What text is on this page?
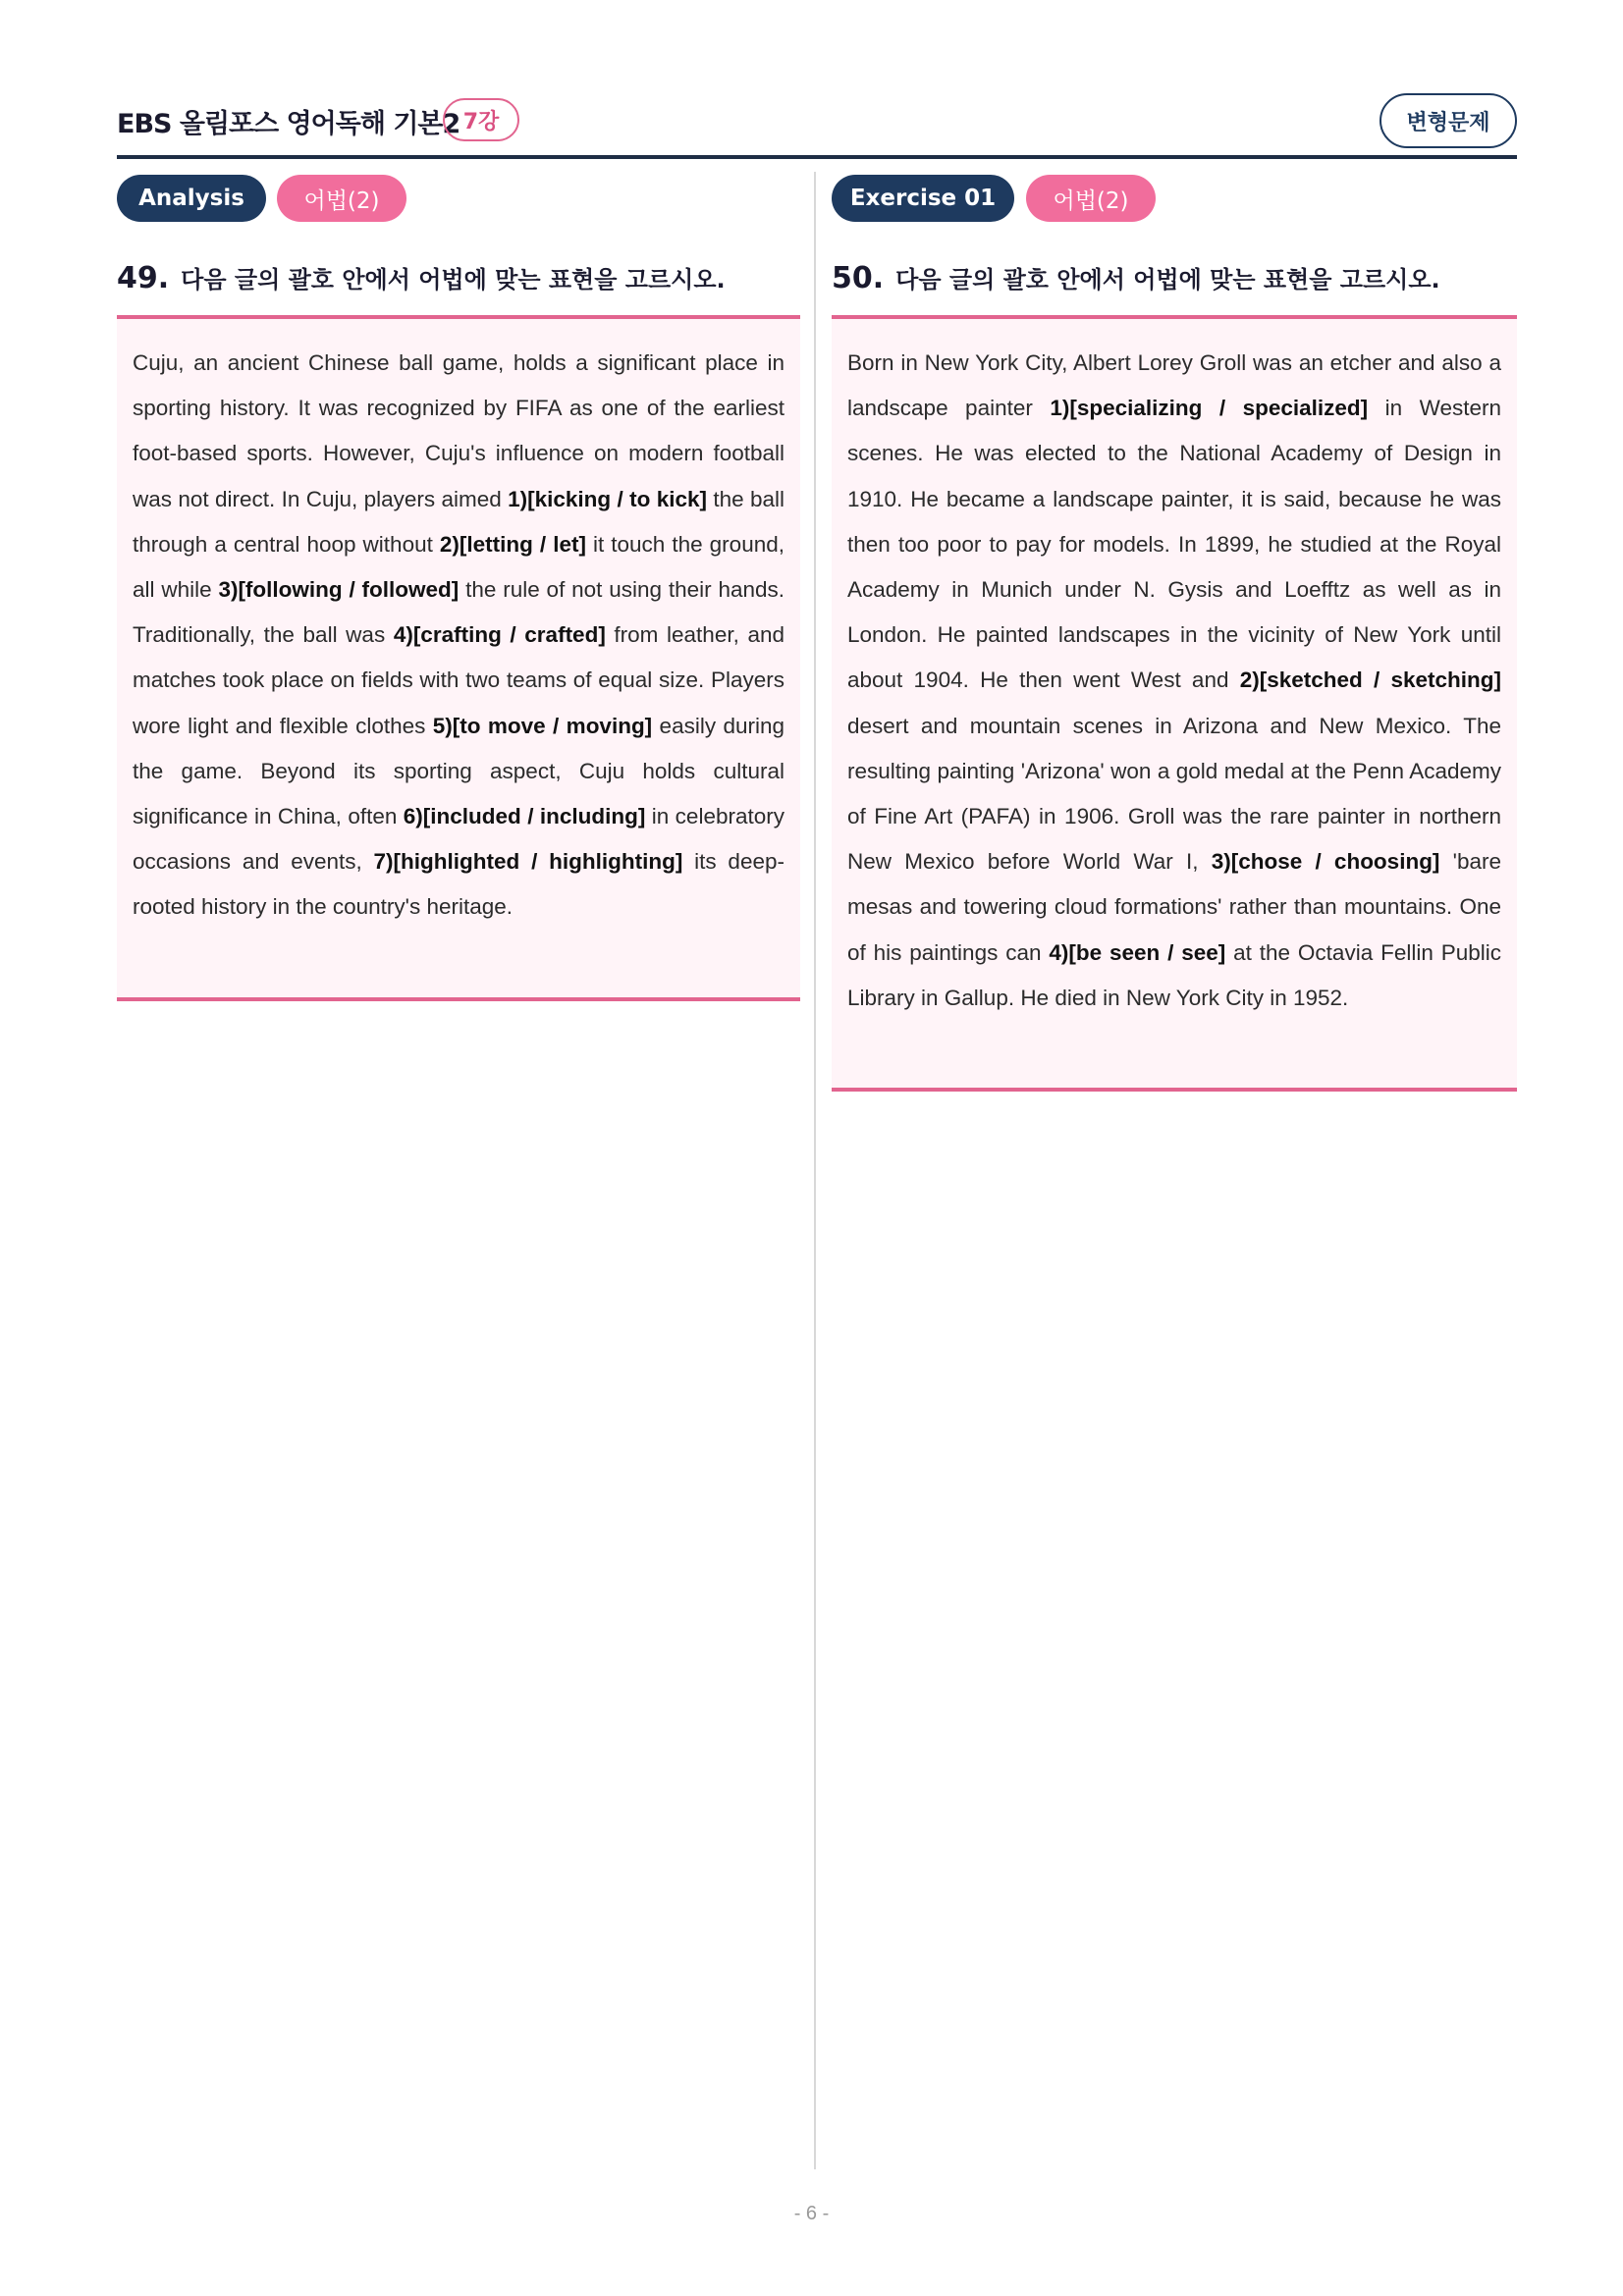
EBS 올림포스 영어독해 기본2 7강	변형문제
Analysis	어법(2)
49. 다음 글의 괄호 안에서 어법에 맞는 표현을 고르시오.
Cuju, an ancient Chinese ball game, holds a significant place in sporting history. It was recognized by FIFA as one of the earliest foot-based sports. However, Cuju's influence on modern football was not direct. In Cuju, players aimed 1)[kicking / to kick] the ball through a central hoop without 2)[letting / let] it touch the ground, all while 3)[following / followed] the rule of not using their hands. Traditionally, the ball was 4)[crafting / crafted] from leather, and matches took place on fields with two teams of equal size. Players wore light and flexible clothes 5)[to move / moving] easily during the game. Beyond its sporting aspect, Cuju holds cultural significance in China, often 6)[included / including] in celebratory occasions and events, 7)[highlighted / highlighting] its deep-rooted history in the country's heritage.
Exercise 01	어법(2)
50. 다음 글의 괄호 안에서 어법에 맞는 표현을 고르시오.
Born in New York City, Albert Lorey Groll was an etcher and also a landscape painter 1)[specializing / specialized] in Western scenes. He was elected to the National Academy of Design in 1910. He became a landscape painter, it is said, because he was then too poor to pay for models. In 1899, he studied at the Royal Academy in Munich under N. Gysis and Loefftz as well as in London. He painted landscapes in the vicinity of New York until about 1904. He then went West and 2)[sketched / sketching] desert and mountain scenes in Arizona and New Mexico. The resulting painting 'Arizona' won a gold medal at the Penn Academy of Fine Art (PAFA) in 1906. Groll was the rare painter in northern New Mexico before World War I, 3)[chose / choosing] 'bare mesas and towering cloud formations' rather than mountains. One of his paintings can 4)[be seen / see] at the Octavia Fellin Public Library in Gallup. He died in New York City in 1952.
- 6 -
